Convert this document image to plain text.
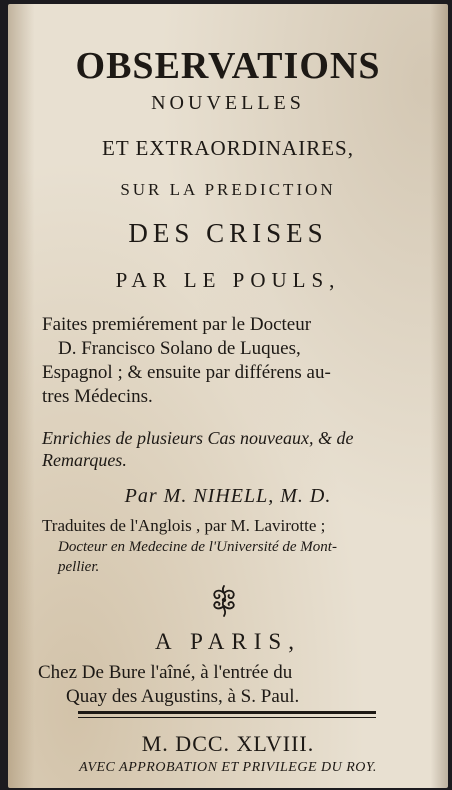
OBSERVATIONS
NOUVELLES
ET EXTRAORDINAIRES,
SUR LA PREDICTION
DES CRISES
PAR LE POULS,
Faites premiérement par le Docteur
D. Francisco Solano de Luques,
Espagnol ; & ensuite par différens au-
tres Médecins.
Enrichies de plusieurs Cas nouveaux, & de
Remarques.
Par M. NIHELL, M. D.
Traduites de l'Anglois , par M. Lavirotte ;
Docteur en Medecine de l'Université de Mont-
pellier.
A PARIS,
Chez De Bure l'aîné, à l'entrée du
Quay des Augustins, à S. Paul.
M. DCC. XLVIII.
AVEC APPROBATION ET PRIVILEGE DU ROY.
